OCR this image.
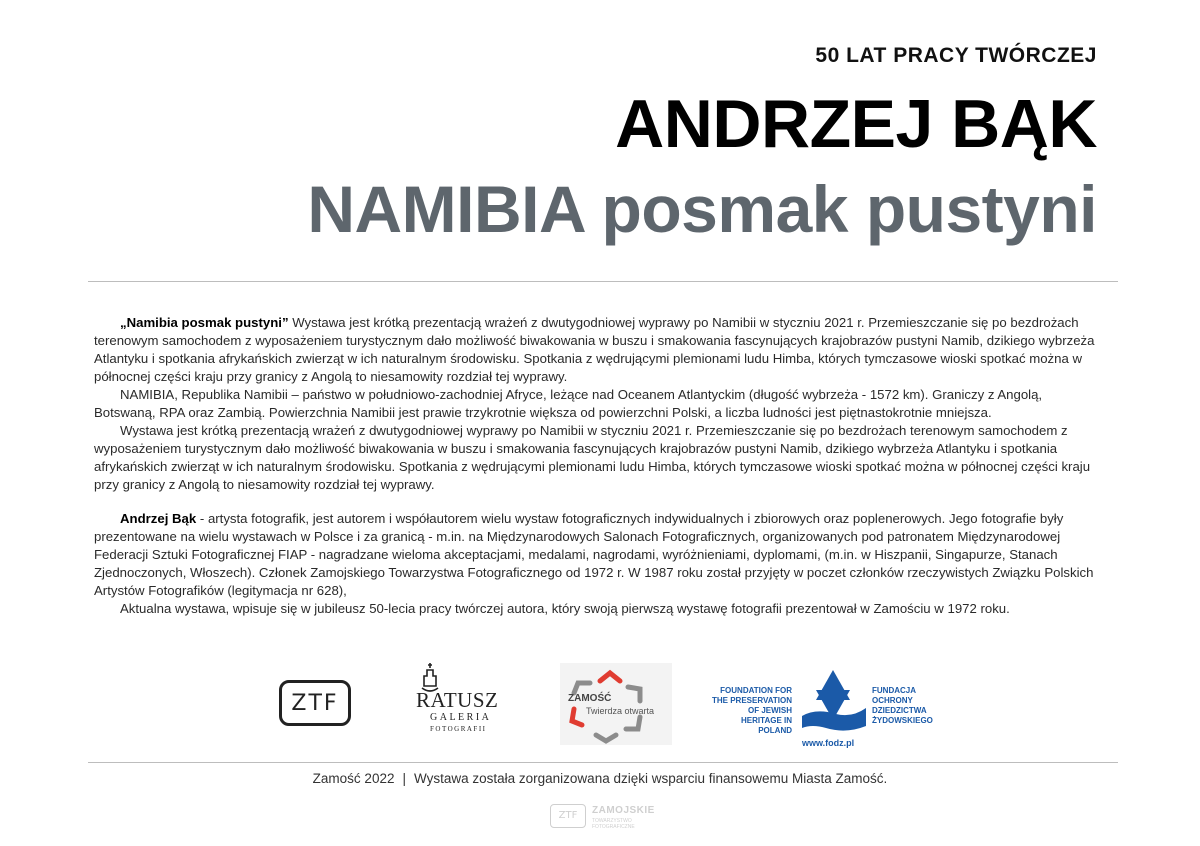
50 LAT PRACY TWÓRCZEJ
ANDRZEJ BĄK
NAMIBIA posmak pustyni

„Namibia posmak pustyni” Wystawa jest krótką prezentacją wrażeń z dwutygodniowej wyprawy po Namibii w styczniu 2021 r. Przemieszczanie się po bezdrożach terenowym samochodem z wyposażeniem turystycznym dało możliwość biwakowania w buszu i smakowania fascynujących krajobrazów pustyni Namib, dzikiego wybrzeża Atlantyku i spotkania afrykańskich zwierząt w ich naturalnym środowisku. Spotkania z wędrującymi plemionami ludu Himba, których tymczasowe wioski spotkać można w północnej części kraju przy granicy z Angolą to niesamowity rozdział tej wyprawy.

NAMIBIA, Republika Namibii – państwo w południowo-zachodniej Afryce, leżące nad Oceanem Atlantyckim (długość wybrzeża - 1572 km). Graniczy z Angolą, Botswaną, RPA oraz Zambią. Powierzchnia Namibii jest prawie trzykrotnie większa od powierzchni Polski, a liczba ludności jest piętnastokrotnie mniejsza.

Wystawa jest krótką prezentacją wrażeń z dwutygodniowej wyprawy po Namibii w styczniu 2021 r. Przemieszczanie się po bezdrożach terenowym samochodem z wyposażeniem turystycznym dało możliwość biwakowania w buszu i smakowania fascynujących krajobrazów pustyni Namib, dzikiego wybrzeża Atlantyku i spotkania afrykańskich zwierząt w ich naturalnym środowisku. Spotkania z wędrującymi plemionami ludu Himba, których tymczasowe wioski spotkać można w północnej części kraju przy granicy z Angolą to niesamowity rozdział tej wyprawy.

Andrzej Bąk - artysta fotografik, jest autorem i współautorem wielu wystaw fotograficznych indywidualnych i zbiorowych oraz poplenerowych. Jego fotografie były prezentowane na wielu wystawach w Polsce i za granicą - m.in. na Międzynarodowych Salonach Fotograficznych, organizowanych pod patronatem Międzynarodowej Federacji Sztuki Fotograficznej FIAP - nagradzane wieloma akceptacjami, medalami, nagrodami, wyróżnieniami, dyplomami, (m.in. w Hiszpanii, Singapurze, Stanach Zjednoczonych, Włoszech). Członek Zamojskiego Towarzystwa Fotograficznego od 1972 r. W 1987 roku został przyjęty w poczet członków rzeczywistych Związku Polskich Artystów Fotografików (legitymacja nr 628),

Aktualna wystawa, wpisuje się w jubileusz 50-lecia pracy twórczej autora, który swoją pierwszą wystawę fotografii prezentował w Zamościu w 1972 roku.

ZTF	RATUSZ
GALERIA
FOTOGRAFII
ZAMOŚĆ
Twierdza otwarta
FOUNDATION FOR THE PRESERVATION OF JEWISH HERITAGE IN POLAND
FUNDACJA OCHRONY DZIEDZICTWA ŻYDOWSKIEGO
www.fodz.pl
Zamość 2022 | Wystawa została zorganizowana dzięki wsparciu finansowemu Miasta Zamość.
ZTF	ZAMOJSKIE
TOWARZYSTWO FOTOGRAFICZNE
